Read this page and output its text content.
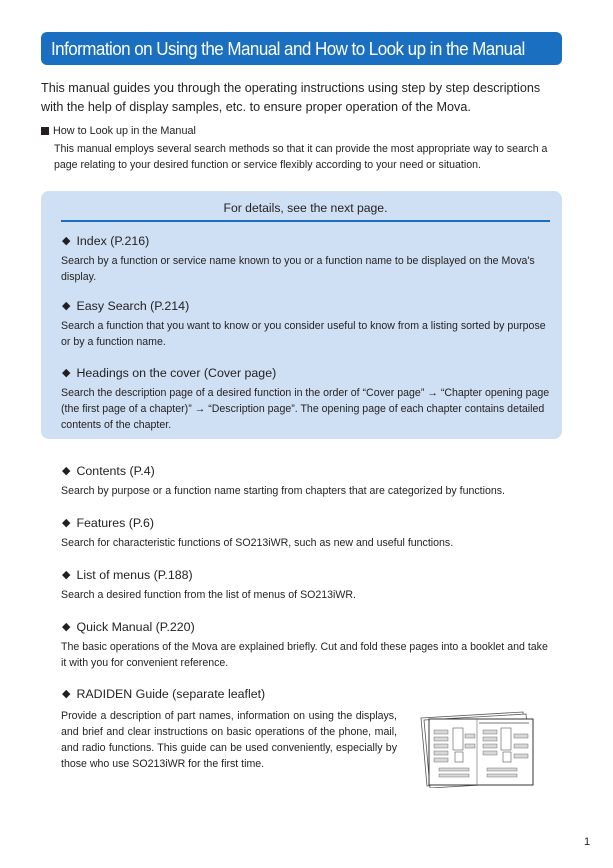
Information on Using the Manual and How to Look up in the Manual
This manual guides you through the operating instructions using step by step descriptions with the help of display samples, etc. to ensure proper operation of the Mova.
How to Look up in the Manual
This manual employs several search methods so that it can provide the most appropriate way to search a page relating to your desired function or service flexibly according to your need or situation.
For details, see the next page.
◆ Index (P.216)
Search by a function or service name known to you or a function name to be displayed on the Mova's display.
◆ Easy Search (P.214)
Search a function that you want to know or you consider useful to know from a listing sorted by purpose or by a function name.
◆ Headings on the cover (Cover page)
Search the description page of a desired function in the order of “Cover page” → “Chapter opening page (the first page of a chapter)” → “Description page”. The opening page of each chapter contains detailed contents of the chapter.
◆ Contents (P.4)
Search by purpose or a function name starting from chapters that are categorized by functions.
◆ Features (P.6)
Search for characteristic functions of SO213iWR, such as new and useful functions.
◆ List of menus (P.188)
Search a desired function from the list of menus of SO213iWR.
◆ Quick Manual (P.220)
The basic operations of the Mova are explained briefly. Cut and fold these pages into a booklet and take it with you for convenient reference.
◆ RADIDEN Guide (separate leaflet)
Provide a description of part names, information on using the displays, and brief and clear instructions on basic operations of the phone, mail, and radio functions. This guide can be used conveniently, especially by those who use SO213iWR for the first time.
1
